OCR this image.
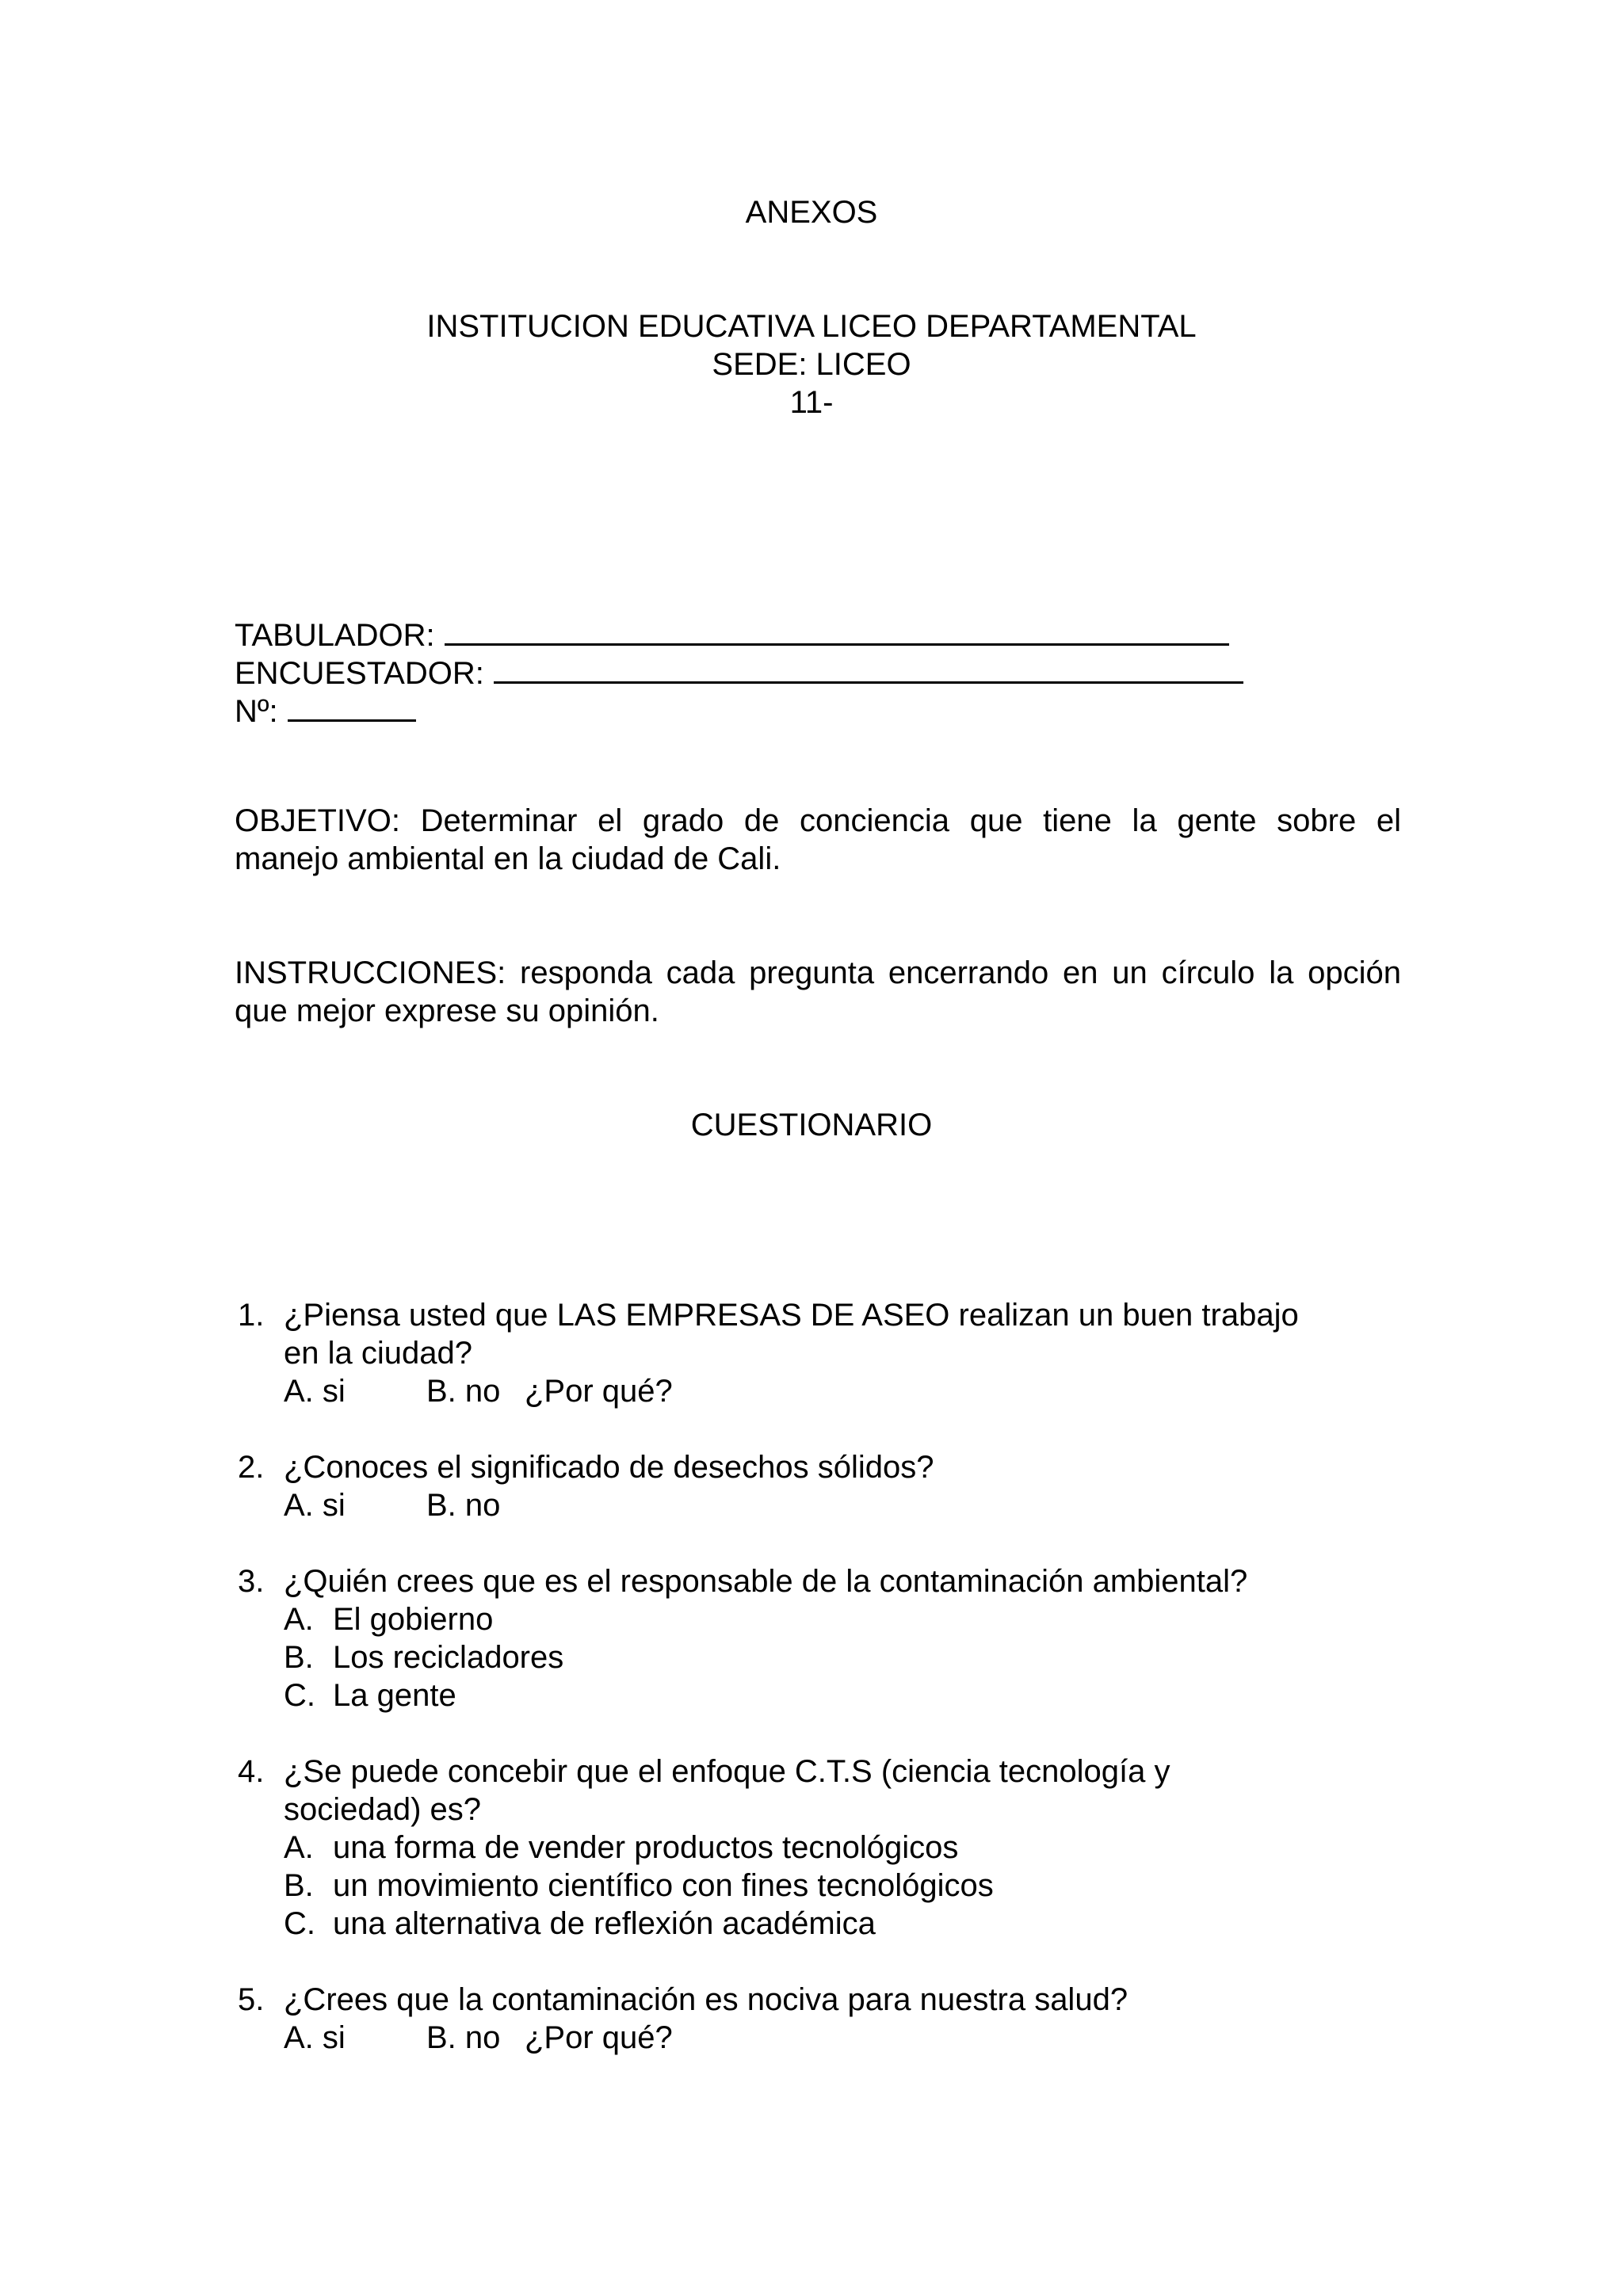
ANEXOS
INSTITUCION EDUCATIVA LICEO DEPARTAMENTAL
SEDE: LICEO
11-
TABULADOR:
ENCUESTADOR:
Nº:
OBJETIVO: Determinar el grado de conciencia que tiene la gente sobre el
manejo ambiental en la ciudad de Cali.
INSTRUCCIONES: responda cada pregunta encerrando en un círculo la opción
que mejor exprese su opinión.
CUESTIONARIO
1. ¿Piensa usted que LAS EMPRESAS DE ASEO realizan un buen trabajo
en la ciudad?
A. si	B. no ¿Por qué?
2. ¿Conoces el significado de desechos sólidos?
A. si	B. no
3. ¿Quién crees que es el responsable de la contaminación ambiental?
A. El gobierno
B. Los recicladores
C. La gente
4. ¿Se puede concebir que el enfoque C.T.S (ciencia tecnología y
sociedad) es?
A. una forma de vender productos tecnológicos
B. un movimiento científico con fines tecnológicos
C. una alternativa de reflexión académica
5. ¿Crees que la contaminación es nociva para nuestra salud?
A. si	B. no ¿Por qué?
